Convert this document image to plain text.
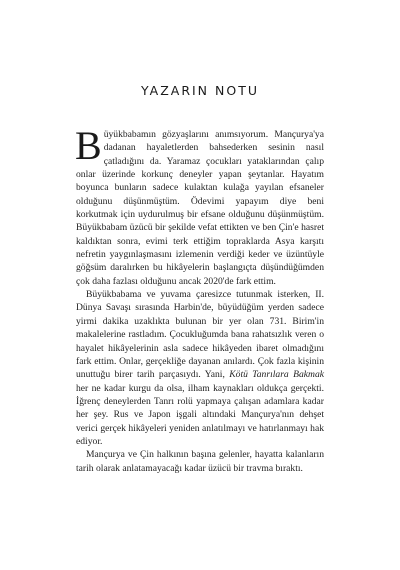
YAZARIN NOTU

Büyükbabamın gözyaşlarını anımsıyorum. Mançurya'ya dadanan hayaletlerden bahsederken sesinin nasıl çatladığını da. Yaramaz çocukları yataklarından çalıp onlar üzerinde korkunç deneyler yapan şeytanlar. Hayatım boyunca bunların sadece kulaktan kulağa yayılan efsaneler olduğunu düşünmüştüm. Ödevimi yapayım diye beni korkutmak için uydurulmuş bir efsane olduğunu düşünmüştüm. Büyükbabam üzücü bir şekilde vefat ettikten ve ben Çin'e hasret kaldıktan sonra, evimi terk ettiğim topraklarda Asya karşıtı nefretin yaygınlaşmasını izlemenin verdiği keder ve üzüntüyle göğsüm daralırken bu hikâyelerin başlangıçta düşündüğümden çok daha fazlası olduğunu ancak 2020'de fark ettim.

Büyükbabama ve yuvama çaresizce tutunmak isterken, II. Dünya Savaşı sırasında Harbin'de, büyüdüğüm yerden sadece yirmi dakika uzaklıkta bulunan bir yer olan 731. Birim'in makalelerine rastladım. Çocukluğumda bana rahatsızlık veren o hayalet hikâyelerinin asla sadece hikâyeden ibaret olmadığını fark ettim. Onlar, gerçekliğe dayanan anılardı. Çok fazla kişinin unuttuğu birer tarih parçasıydı. Yani, Kötü Tanrılara Bakmak her ne kadar kurgu da olsa, ilham kaynakları oldukça gerçekti. İğrenç deneylerden Tanrı rolü yapmaya çalışan adamlara kadar her şey. Rus ve Japon işgali altındaki Mançurya'nın dehşet verici gerçek hikâyeleri yeniden anlatılmayı ve hatırlanmayı hak ediyor.

Mançurya ve Çin halkının başına gelenler, hayatta kalanların tarih olarak anlatamayacağı kadar üzücü bir travma bıraktı.
